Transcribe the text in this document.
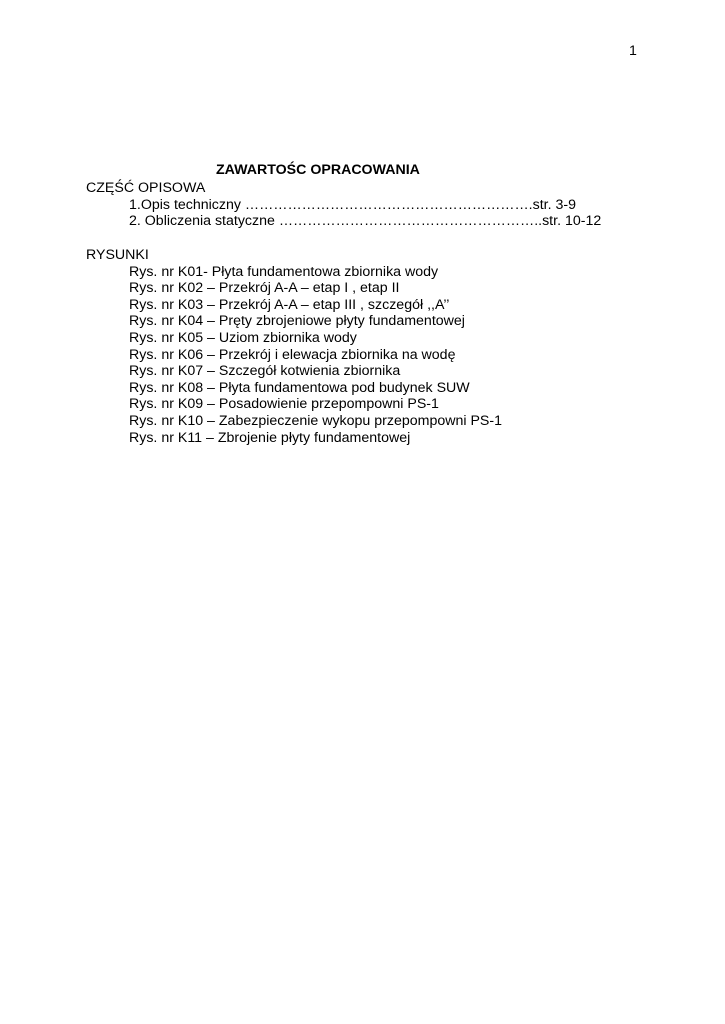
1
ZAWARTOŚC OPRACOWANIA
CZĘŚĆ OPISOWA
1.Opis techniczny …………………………………………………….str. 3-9
2. Obliczenia statyczne ………………………………………………..str. 10-12
RYSUNKI
Rys. nr K01- Płyta fundamentowa zbiornika wody
Rys. nr K02 – Przekrój A-A – etap I , etap II
Rys. nr K03 – Przekrój A-A – etap III , szczegół ,,A’’
Rys. nr K04 – Pręty zbrojeniowe płyty fundamentowej
Rys. nr K05 – Uziom zbiornika wody
Rys. nr K06 – Przekrój i elewacja zbiornika na wodę
Rys. nr K07 – Szczegół kotwienia zbiornika
Rys. nr K08 – Płyta fundamentowa pod budynek SUW
Rys. nr K09 – Posadowienie przepompowni PS-1
Rys. nr K10 – Zabezpieczenie wykopu przepompowni PS-1
Rys. nr K11 – Zbrojenie płyty fundamentowej
